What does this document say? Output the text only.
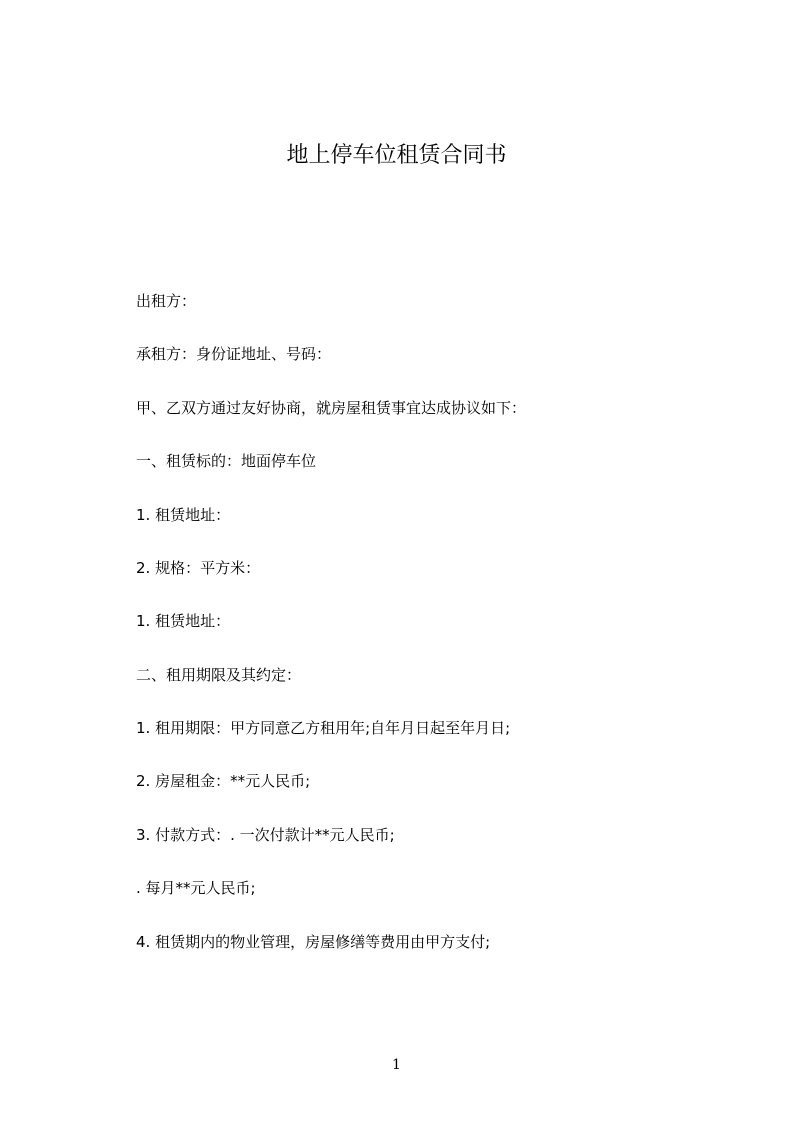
地上停车位租赁合同书
出租方：
承租方：身份证地址、号码：
甲、乙双方通过友好协商，就房屋租赁事宜达成协议如下：
一、租赁标的：地面停车位
1. 租赁地址：
2. 规格：平方米：
1. 租赁地址：
二、租用期限及其约定：
1. 租用期限：甲方同意乙方租用年;自年月日起至年月日;
2. 房屋租金：**元人民币;
3. 付款方式：. 一次付款计**元人民币;
. 每月**元人民币;
4. 租赁期内的物业管理，房屋修缮等费用由甲方支付;
1
